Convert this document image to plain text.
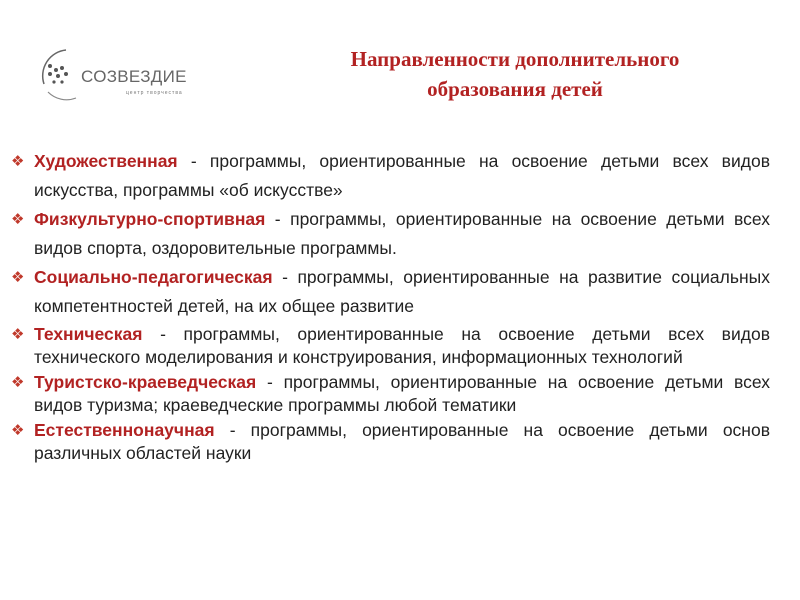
СОЗВЕЗДИЕ
центр творчества
Направленности дополнительного
образования детей
❖ Художественная - программы, ориентированные на освоение детьми всех видов искусства, программы «об искусстве»
❖ Физкультурно-спортивная - программы, ориентированные на освоение детьми всех видов спорта, оздоровительные программы.
❖ Социально-педагогическая - программы, ориентированные на развитие социальных компетентностей детей, на их общее развитие
❖ Техническая - программы, ориентированные на освоение детьми всех видов технического моделирования и конструирования, информационных технологий
❖ Туристско-краеведческая - программы, ориентированные на освоение детьми всех видов туризма; краеведческие программы любой тематики
❖ Естественнонаучная - программы, ориентированные на освоение детьми основ различных областей науки
